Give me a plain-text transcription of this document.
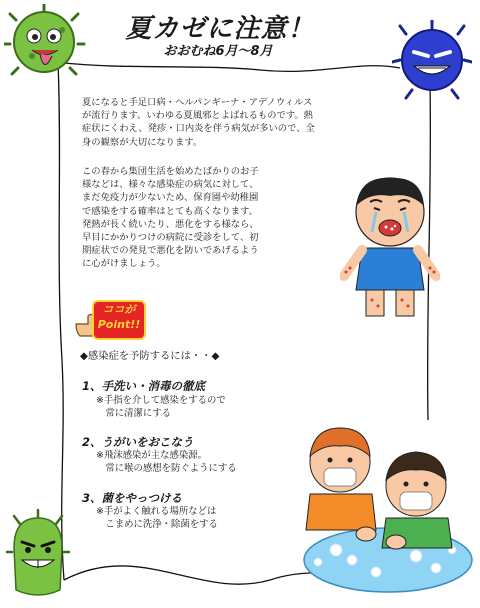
夏カゼに注意！
おおむね6月～8月
夏になると手足口病・ヘルパンギーナ・アデノウィルス
が流行ります。いわゆる夏風邪とよばれるものです。熱
症状にくわえ、発疹・口内炎を伴う病気が多いので、全
身の観察が大切になります。
この春から集団生活を始めたばかりのお子
様などは、様々な感染症の病気に対して、
まだ免疫力が少ないため、保育園や幼稚園
で感染をする確率はとても高くなります。
発熱が長く続いたり、悪化をする様なら、
早目にかかりつけの病院に受診をして、初
期症状での発見で悪化を防いであげるよう
に心がけましょう。
ココが
Point!!
◆感染症を予防するには・・◆
1、手洗い・消毒の徹底
※手指を介して感染をするので
　常に清潔にする
2、うがいをおこなう
※飛沫感染が主な感染源。
　常に喉の感想を防ぐようにする
3、菌をやっつける
※手がよく触れる場所などは
　こまめに洗浄・除菌をする
